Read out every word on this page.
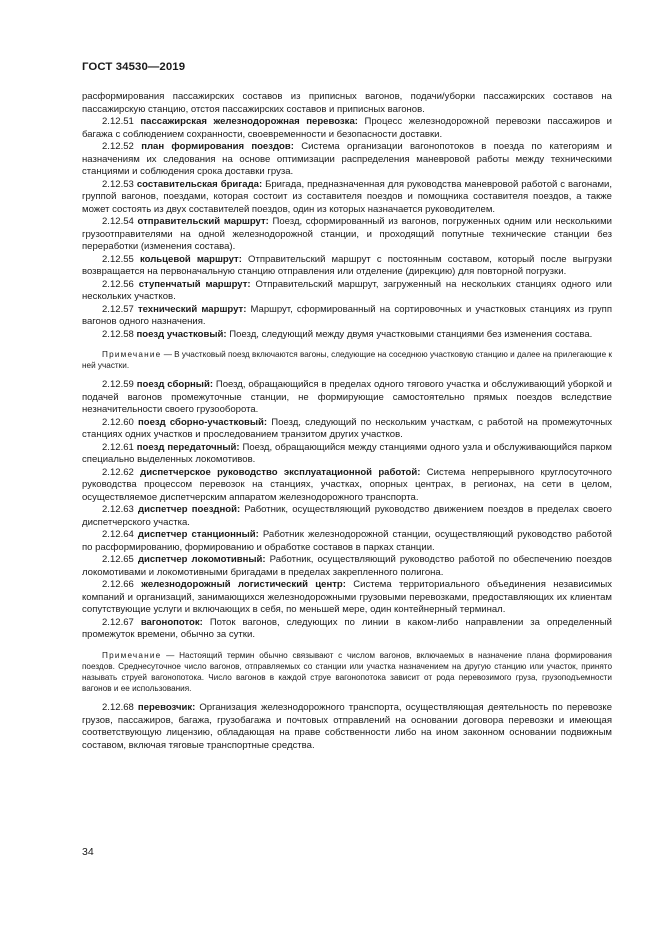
ГОСТ 34530—2019

расформирования пассажирских составов из приписных вагонов, подачи/уборки пассажирских составов на пассажирскую станцию, отстоя пассажирских составов и приписных вагонов.

2.12.51 пассажирская железнодорожная перевозка: Процесс железнодорожной перевозки пассажиров и багажа с соблюдением сохранности, своевременности и безопасности доставки.

2.12.52 план формирования поездов: Система организации вагонопотоков в поезда по категориям и назначениям их следования на основе оптимизации распределения маневровой работы между техническими станциями и соблюдения срока доставки груза.

2.12.53 составительская бригада: Бригада, предназначенная для руководства маневровой работой с вагонами, группой вагонов, поездами, которая состоит из составителя поездов и помощника составителя поездов, а также может состоять из двух составителей поездов, один из которых назначается руководителем.

2.12.54 отправительский маршрут: Поезд, сформированный из вагонов, погруженных одним или несколькими грузоотправителями на одной железнодорожной станции, и проходящий попутные технические станции без переработки (изменения состава).

2.12.55 кольцевой маршрут: Отправительский маршрут с постоянным составом, который после выгрузки возвращается на первоначальную станцию отправления или отделение (дирекцию) для повторной погрузки.

2.12.56 ступенчатый маршрут: Отправительский маршрут, загруженный на нескольких станциях одного или нескольких участков.

2.12.57 технический маршрут: Маршрут, сформированный на сортировочных и участковых станциях из групп вагонов одного назначения.

2.12.58 поезд участковый: Поезд, следующий между двумя участковыми станциями без изменения состава.

Примечание — В участковый поезд включаются вагоны, следующие на соседнюю участковую станцию и далее на прилегающие к ней участки.

2.12.59 поезд сборный: Поезд, обращающийся в пределах одного тягового участка и обслуживающий уборкой и подачей вагонов промежуточные станции, не формирующие самостоятельно прямых поездов вследствие незначительности своего грузооборота.

2.12.60 поезд сборно-участковый: Поезд, следующий по нескольким участкам, с работой на промежуточных станциях одних участков и проследованием транзитом других участков.

2.12.61 поезд передаточный: Поезд, обращающийся между станциями одного узла и обслуживающийся парком специально выделенных локомотивов.

2.12.62 диспетчерское руководство эксплуатационной работой: Система непрерывного круглосуточного руководства процессом перевозок на станциях, участках, опорных центрах, в регионах, на сети в целом, осуществляемое диспетчерским аппаратом железнодорожного транспорта.

2.12.63 диспетчер поездной: Работник, осуществляющий руководство движением поездов в пределах своего диспетчерского участка.

2.12.64 диспетчер станционный: Работник железнодорожной станции, осуществляющий руководство работой по расформированию, формированию и обработке составов в парках станции.

2.12.65 диспетчер локомотивный: Работник, осуществляющий руководство работой по обеспечению поездов локомотивами и локомотивными бригадами в пределах закрепленного полигона.

2.12.66 железнодорожный логистический центр: Система территориального объединения независимых компаний и организаций, занимающихся железнодорожными грузовыми перевозками, предоставляющих их клиентам сопутствующие услуги и включающих в себя, по меньшей мере, один контейнерный терминал.

2.12.67 вагонопоток: Поток вагонов, следующих по линии в каком-либо направлении за определенный промежуток времени, обычно за сутки.

Примечание — Настоящий термин обычно связывают с числом вагонов, включаемых в назначение плана формирования поездов. Среднесуточное число вагонов, отправляемых со станции или участка назначением на другую станцию или участок, принято называть струей вагонопотока. Число вагонов в каждой струе вагонопотока зависит от рода перевозимого груза, грузоподъемности вагонов и ее использования.

2.12.68 перевозчик: Организация железнодорожного транспорта, осуществляющая деятельность по перевозке грузов, пассажиров, багажа, грузобагажа и почтовых отправлений на основании договора перевозки и имеющая соответствующую лицензию, обладающая на праве собственности либо на ином законном основании подвижным составом, включая тяговые транспортные средства.

34
